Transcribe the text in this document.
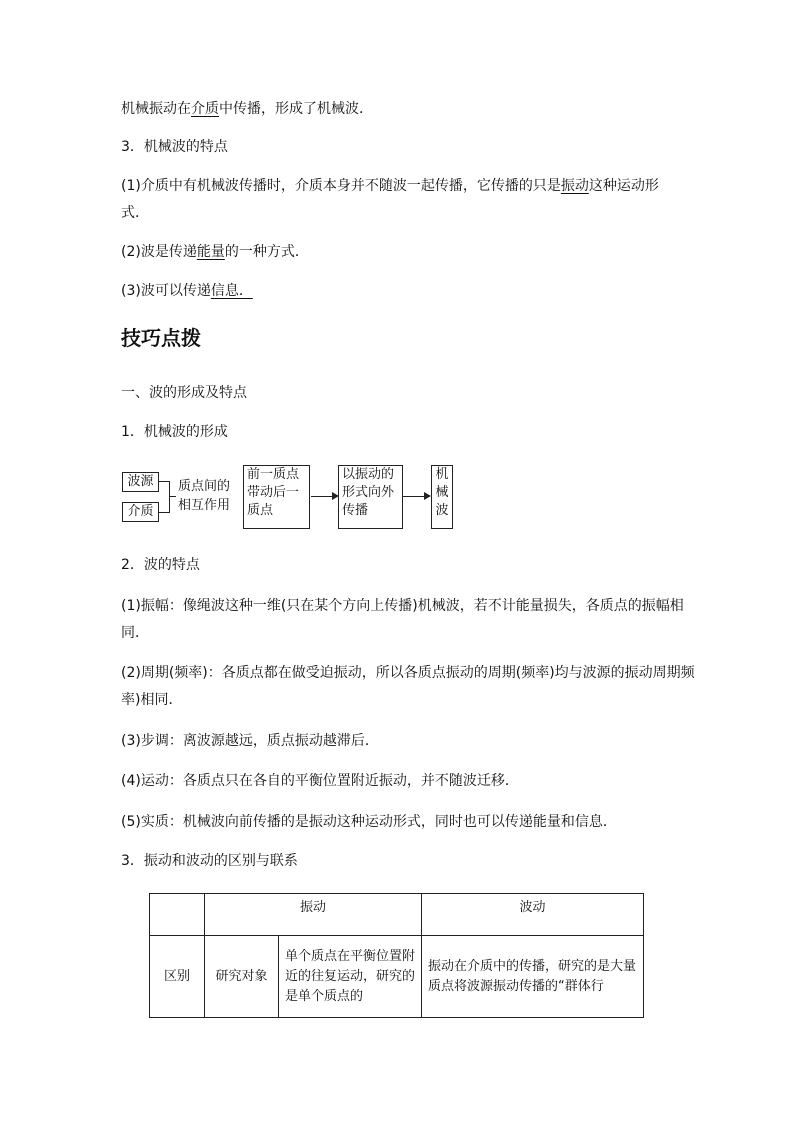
机械振动在介质中传播，形成了机械波．
3．机械波的特点
(1)介质中有机械波传播时，介质本身并不随波一起传播，它传播的只是振动这种运动形
式．
(2)波是传递能量的一种方式．
(3)波可以传递信息．
技巧点拨
一、波的形成及特点
1．机械波的形成
波源
介质
质点间的
相互作用
前一质点
带动后一
质点
以振动的
形式向外
传播
机
械
波
2．波的特点
(1)振幅：像绳波这种一维(只在某个方向上传播)机械波，若不计能量损失，各质点的振幅相
同．
(2)周期(频率)：各质点都在做受迫振动，所以各质点振动的周期(频率)均与波源的振动周期频
率)相同．
(3)步调：离波源越远，质点振动越滞后．
(4)运动：各质点只在各自的平衡位置附近振动，并不随波迁移．
(5)实质：机械波向前传播的是振动这种运动形式，同时也可以传递能量和信息．
3．振动和波动的区别与联系
	振动		波动
区别	研究对象	单个质点在平衡位置附近的往复运动，研究的是单个质点的	振动在介质中的传播，研究的是大量质点将波源振动传播的“群体行
